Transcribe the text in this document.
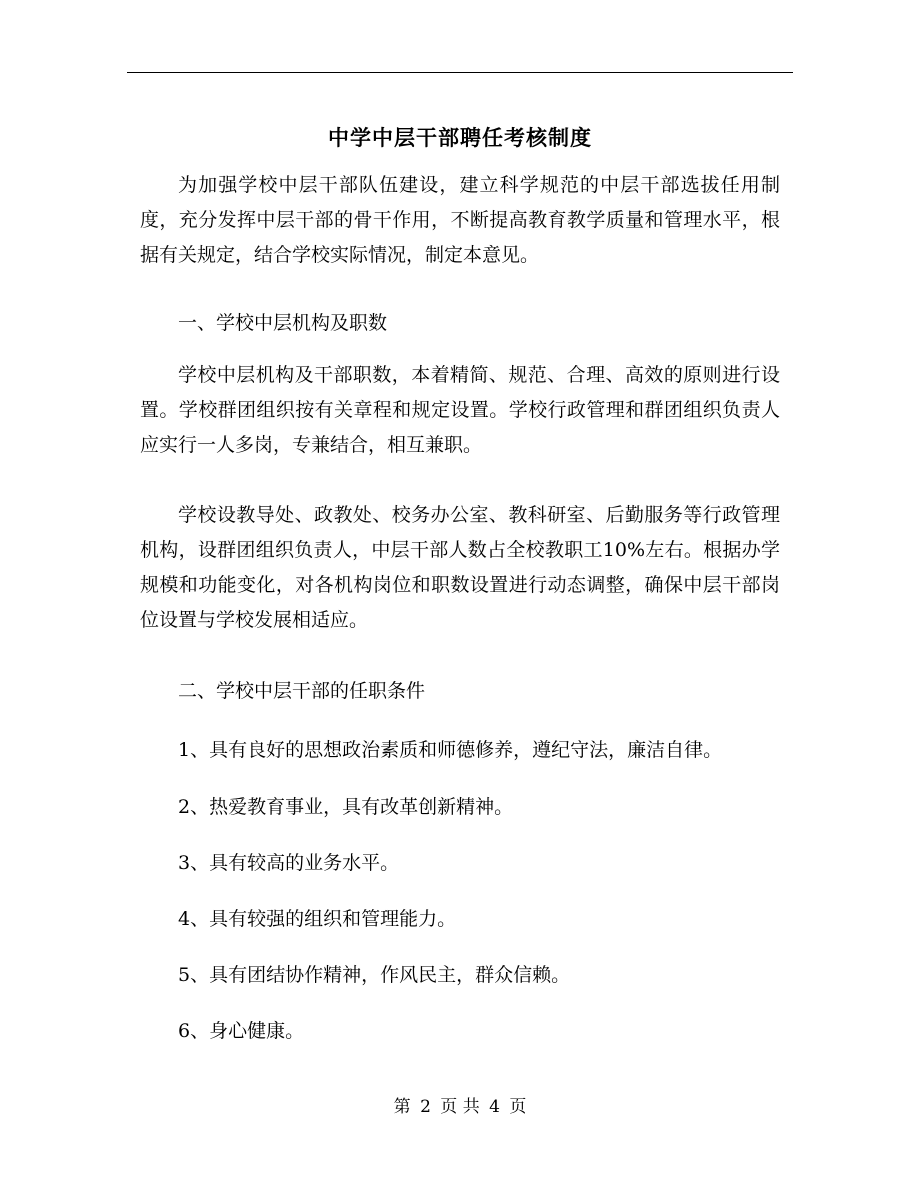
中学中层干部聘任考核制度

为加强学校中层干部队伍建设，建立科学规范的中层干部选拔任用制度，充分发挥中层干部的骨干作用，不断提高教育教学质量和管理水平，根据有关规定，结合学校实际情况，制定本意见。

一、学校中层机构及职数

学校中层机构及干部职数，本着精简、规范、合理、高效的原则进行设置。学校群团组织按有关章程和规定设置。学校行政管理和群团组织负责人应实行一人多岗，专兼结合，相互兼职。

学校设教导处、政教处、校务办公室、教科研室、后勤服务等行政管理机构，设群团组织负责人，中层干部人数占全校教职工10%左右。根据办学规模和功能变化，对各机构岗位和职数设置进行动态调整，确保中层干部岗位设置与学校发展相适应。

二、学校中层干部的任职条件

1、具有良好的思想政治素质和师德修养，遵纪守法，廉洁自律。

2、热爱教育事业，具有改革创新精神。

3、具有较高的业务水平。

4、具有较强的组织和管理能力。

5、具有团结协作精神，作风民主，群众信赖。

6、身心健康。

第 2 页 共 4 页
